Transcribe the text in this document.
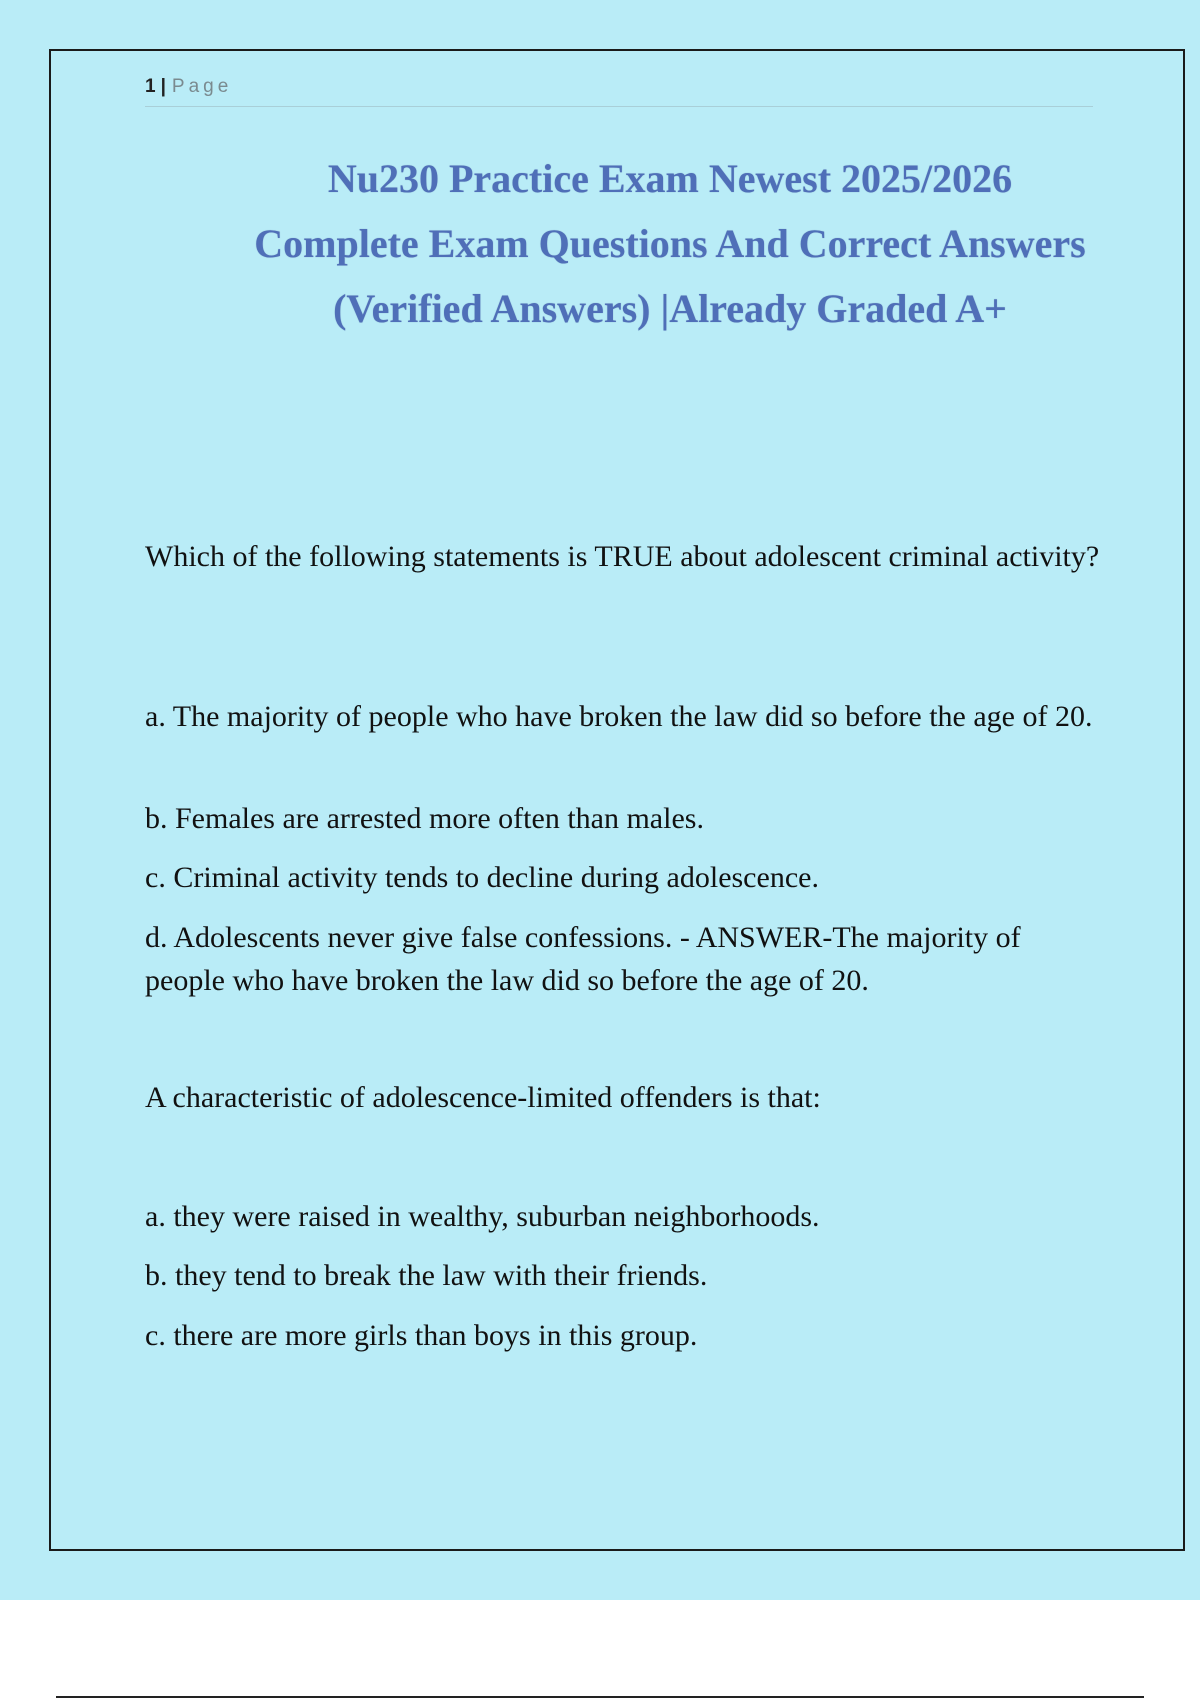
1 | Page
Nu230 Practice Exam Newest 2025/2026
Complete Exam Questions And Correct Answers
(Verified Answers) |Already Graded A+

Which of the following statements is TRUE about adolescent criminal activity?

a. The majority of people who have broken the law did so before the age of 20.

b. Females are arrested more often than males.

c. Criminal activity tends to decline during adolescence.

d. Adolescents never give false confessions. - ANSWER-The majority of people who have broken the law did so before the age of 20.

A characteristic of adolescence-limited offenders is that:

a. they were raised in wealthy, suburban neighborhoods.

b. they tend to break the law with their friends.

c. there are more girls than boys in this group.
